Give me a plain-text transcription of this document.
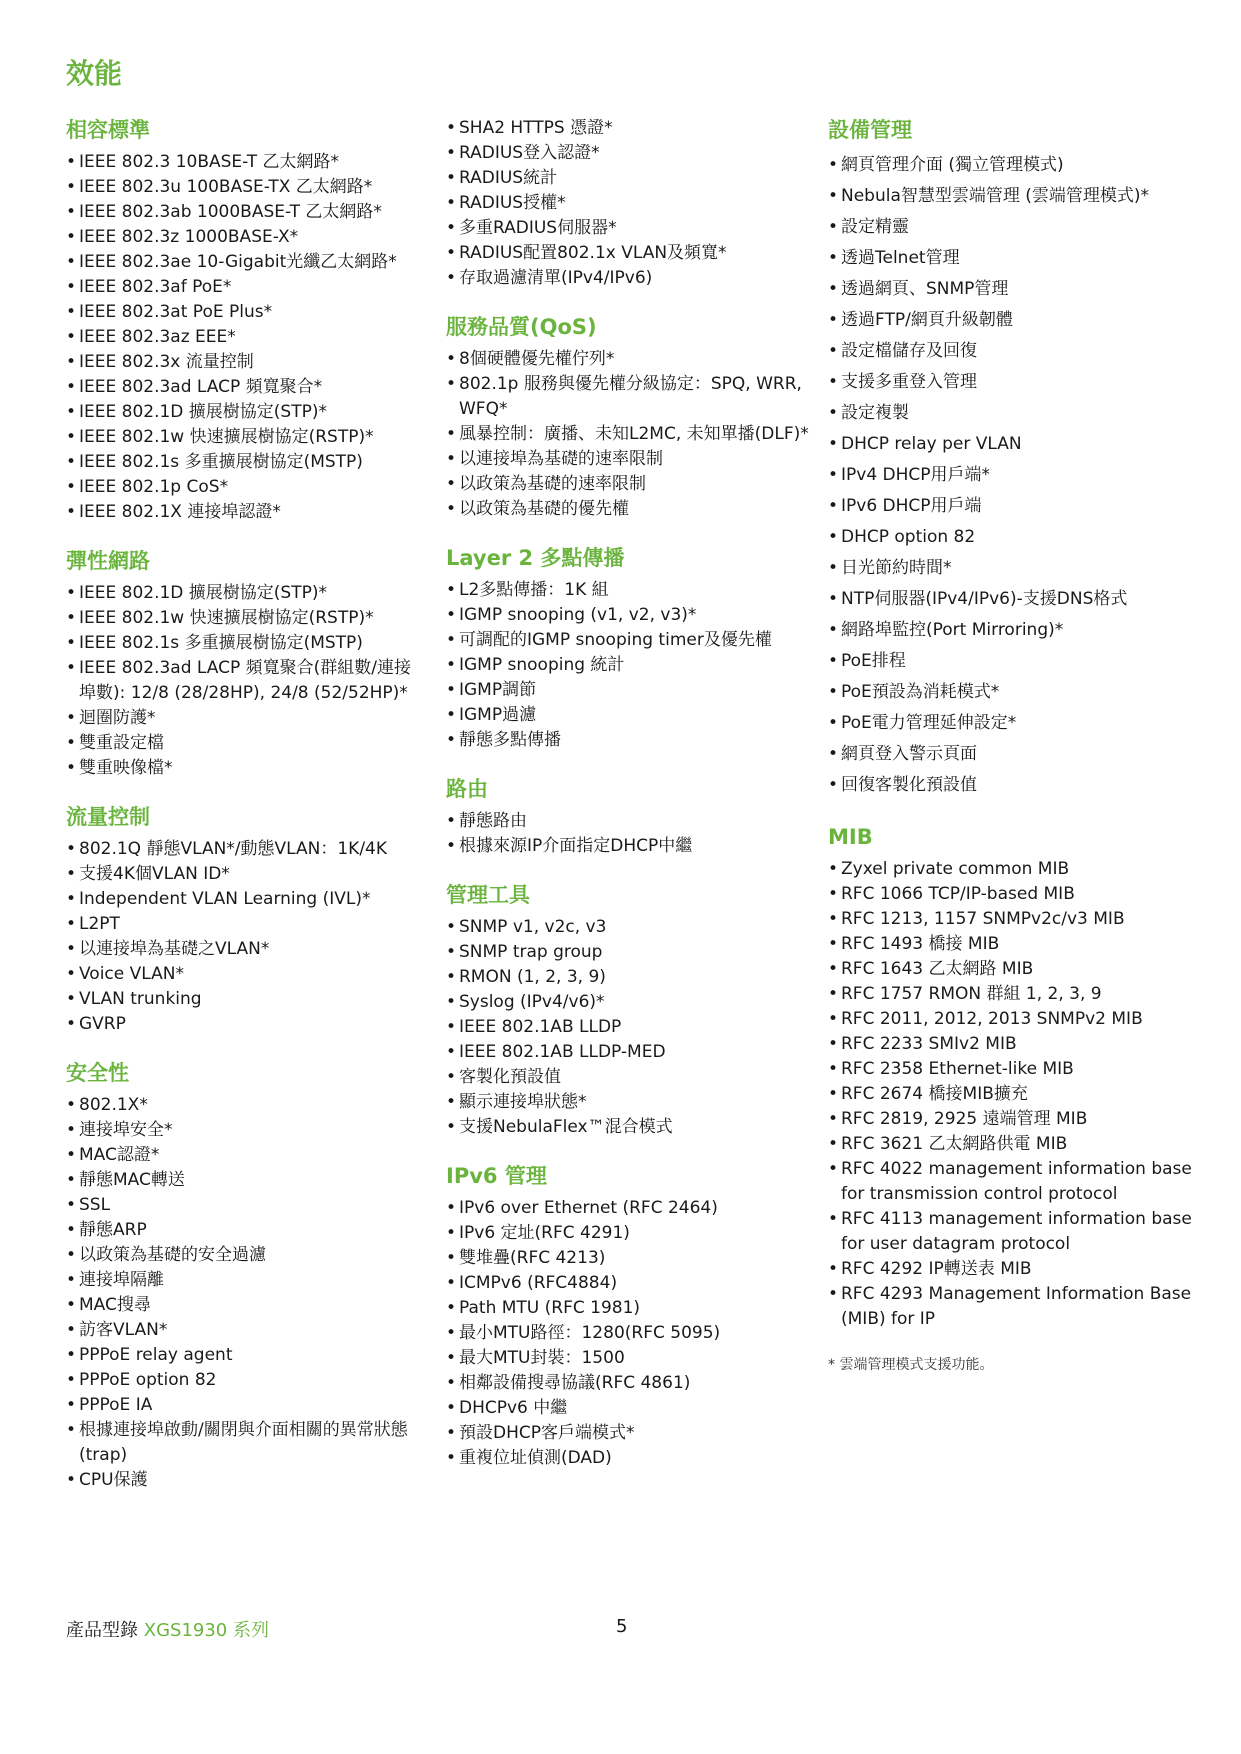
效能
相容標準
• IEEE 802.3 10BASE-T 乙太網路*
• IEEE 802.3u 100BASE-TX 乙太網路*
• IEEE 802.3ab 1000BASE-T 乙太網路*
• IEEE 802.3z 1000BASE-X*
• IEEE 802.3ae 10-Gigabit光纖乙太網路*
• IEEE 802.3af PoE*
• IEEE 802.3at PoE Plus*
• IEEE 802.3az EEE*
• IEEE 802.3x 流量控制
• IEEE 802.3ad LACP 頻寬聚合*
• IEEE 802.1D 擴展樹協定(STP)*
• IEEE 802.1w 快速擴展樹協定(RSTP)*
• IEEE 802.1s 多重擴展樹協定(MSTP)
• IEEE 802.1p CoS*
• IEEE 802.1X 連接埠認證*
彈性網路
• IEEE 802.1D 擴展樹協定(STP)*
• IEEE 802.1w 快速擴展樹協定(RSTP)*
• IEEE 802.1s 多重擴展樹協定(MSTP)
• IEEE 802.3ad LACP 頻寬聚合(群組數/連接埠數): 12/8 (28/28HP), 24/8 (52/52HP)*
• 迴圈防護*
• 雙重設定檔
• 雙重映像檔*
流量控制
• 802.1Q 靜態VLAN*/動態VLAN：1K/4K
• 支援4K個VLAN ID*
• Independent VLAN Learning (IVL)*
• L2PT
• 以連接埠為基礎之VLAN*
• Voice VLAN*
• VLAN trunking
• GVRP
安全性
• 802.1X*
• 連接埠安全*
• MAC認證*
• 靜態MAC轉送
• SSL
• 靜態ARP
• 以政策為基礎的安全過濾
• 連接埠隔離
• MAC搜尋
• 訪客VLAN*
• PPPoE relay agent
• PPPoE option 82
• PPPoE IA
• 根據連接埠啟動/關閉與介面相關的異常狀態(trap)
• CPU保護
• SHA2 HTTPS 憑證*
• RADIUS登入認證*
• RADIUS統計
• RADIUS授權*
• 多重RADIUS伺服器*
• RADIUS配置802.1x VLAN及頻寬*
• 存取過濾清單(IPv4/IPv6)
服務品質(QoS)
• 8個硬體優先權佇列*
• 802.1p 服務與優先權分級協定：SPQ, WRR, WFQ*
• 風暴控制：廣播、未知L2MC, 未知單播(DLF)*
• 以連接埠為基礎的速率限制
• 以政策為基礎的速率限制
• 以政策為基礎的優先權
Layer 2 多點傳播
• L2多點傳播：1K 組
• IGMP snooping (v1, v2, v3)*
• 可調配的IGMP snooping timer及優先權
• IGMP snooping 統計
• IGMP調節
• IGMP過濾
• 靜態多點傳播
路由
• 靜態路由
• 根據來源IP介面指定DHCP中繼
管理工具
• SNMP v1, v2c, v3
• SNMP trap group
• RMON (1, 2, 3, 9)
• Syslog (IPv4/v6)*
• IEEE 802.1AB LLDP
• IEEE 802.1AB LLDP-MED
• 客製化預設值
• 顯示連接埠狀態*
• 支援NebulaFlex™混合模式
IPv6 管理
• IPv6 over Ethernet (RFC 2464)
• IPv6 定址(RFC 4291)
• 雙堆疊(RFC 4213)
• ICMPv6 (RFC4884)
• Path MTU (RFC 1981)
• 最小MTU路徑：1280(RFC 5095)
• 最大MTU封裝：1500
• 相鄰設備搜尋協議(RFC 4861)
• DHCPv6 中繼
• 預設DHCP客戶端模式*
• 重複位址偵測(DAD)
設備管理
• 網頁管理介面 (獨立管理模式)
• Nebula智慧型雲端管理 (雲端管理模式)*
• 設定精靈
• 透過Telnet管理
• 透過網頁、SNMP管理
• 透過FTP/網頁升級韌體
• 設定檔儲存及回復
• 支援多重登入管理
• 設定複製
• DHCP relay per VLAN
• IPv4 DHCP用戶端*
• IPv6 DHCP用戶端
• DHCP option 82
• 日光節約時間*
• NTP伺服器(IPv4/IPv6)-支援DNS格式
• 網路埠監控(Port Mirroring)*
• PoE排程
• PoE預設為消耗模式*
• PoE電力管理延伸設定*
• 網頁登入警示頁面
• 回復客製化預設值
MIB
• Zyxel private common MIB
• RFC 1066 TCP/IP-based MIB
• RFC 1213, 1157 SNMPv2c/v3 MIB
• RFC 1493 橋接 MIB
• RFC 1643 乙太網路 MIB
• RFC 1757 RMON 群組 1, 2, 3, 9
• RFC 2011, 2012, 2013 SNMPv2 MIB
• RFC 2233 SMIv2 MIB
• RFC 2358 Ethernet-like MIB
• RFC 2674 橋接MIB擴充
• RFC 2819, 2925 遠端管理 MIB
• RFC 3621 乙太網路供電 MIB
• RFC 4022 management information base for transmission control protocol
• RFC 4113 management information base for user datagram protocol
• RFC 4292 IP轉送表 MIB
• RFC 4293 Management Information Base (MIB) for IP
* 雲端管理模式支援功能。
產品型錄 XGS1930 系列	5
